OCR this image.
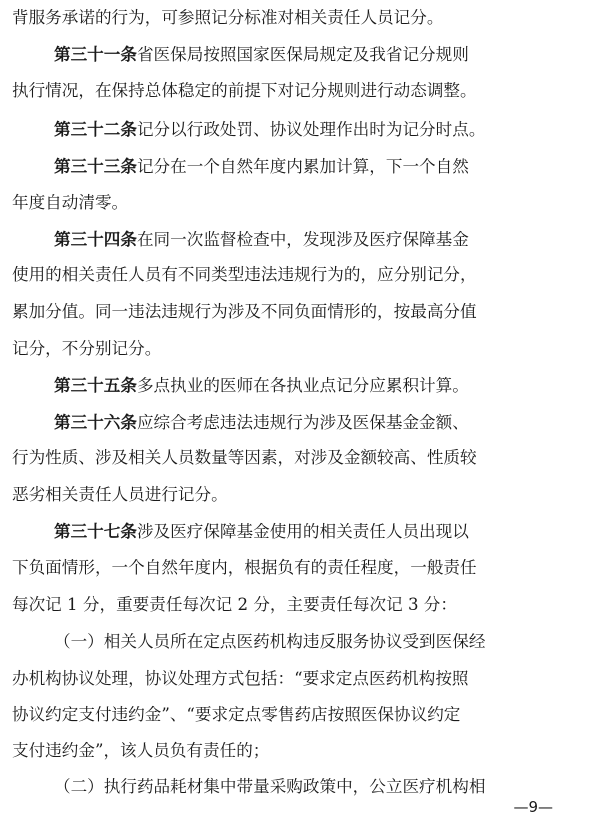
背服务承诺的行为，可参照记分标准对相关责任人员记分。
第三十一条省医保局按照国家医保局规定及我省记分规则
执行情况，在保持总体稳定的前提下对记分规则进行动态调整。
第三十二条记分以行政处罚、协议处理作出时为记分时点。
第三十三条记分在一个自然年度内累加计算，下一个自然
年度自动清零。
第三十四条在同一次监督检查中，发现涉及医疗保障基金
使用的相关责任人员有不同类型违法违规行为的，应分别记分，
累加分值。同一违法违规行为涉及不同负面情形的，按最高分值
记分，不分别记分。
第三十五条多点执业的医师在各执业点记分应累积计算。
第三十六条应综合考虑违法违规行为涉及医保基金金额、
行为性质、涉及相关人员数量等因素，对涉及金额较高、性质较
恶劣相关责任人员进行记分。
第三十七条涉及医疗保障基金使用的相关责任人员出现以
下负面情形，一个自然年度内，根据负有的责任程度，一般责任
每次记 1 分，重要责任每次记 2 分，主要责任每次记 3 分：
（一）相关人员所在定点医药机构违反服务协议受到医保经
办机构协议处理，协议处理方式包括：“要求定点医药机构按照
协议约定支付违约金”、“要求定点零售药店按照医保协议约定
支付违约金”，该人员负有责任的；
（二）执行药品耗材集中带量采购政策中，公立医疗机构相
—9—
